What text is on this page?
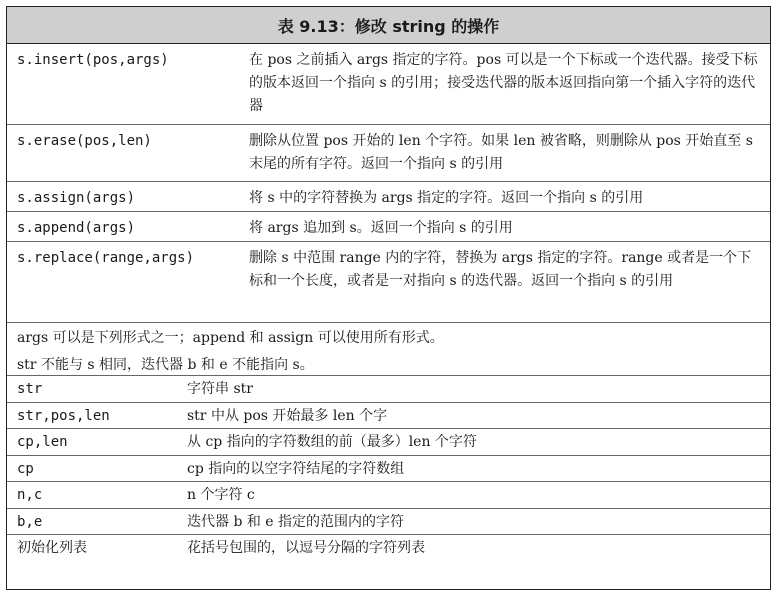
表 9.13：修改 string 的操作
s.insert(pos,args)	在 pos 之前插入 args 指定的字符。pos 可以是一个下标或一个迭代器。接受下标的版本返回一个指向 s 的引用；接受迭代器的版本返回指向第一个插入字符的迭代器
s.erase(pos,len)	删除从位置 pos 开始的 len 个字符。如果 len 被省略，则删除从 pos 开始直至 s 末尾的所有字符。返回一个指向 s 的引用
s.assign(args)	将 s 中的字符替换为 args 指定的字符。返回一个指向 s 的引用
s.append(args)	将 args 追加到 s。返回一个指向 s 的引用
s.replace(range,args)	删除 s 中范围 range 内的字符，替换为 args 指定的字符。range 或者是一个下标和一个长度，或者是一对指向 s 的迭代器。返回一个指向 s 的引用
args 可以是下列形式之一；append 和 assign 可以使用所有形式。
str 不能与 s 相同，迭代器 b 和 e 不能指向 s。
str	字符串 str
str,pos,len	str 中从 pos 开始最多 len 个字
cp,len	从 cp 指向的字符数组的前（最多）len 个字符
cp	cp 指向的以空字符结尾的字符数组
n,c	n 个字符 c
b,e	迭代器 b 和 e 指定的范围内的字符
初始化列表	花括号包围的，以逗号分隔的字符列表
